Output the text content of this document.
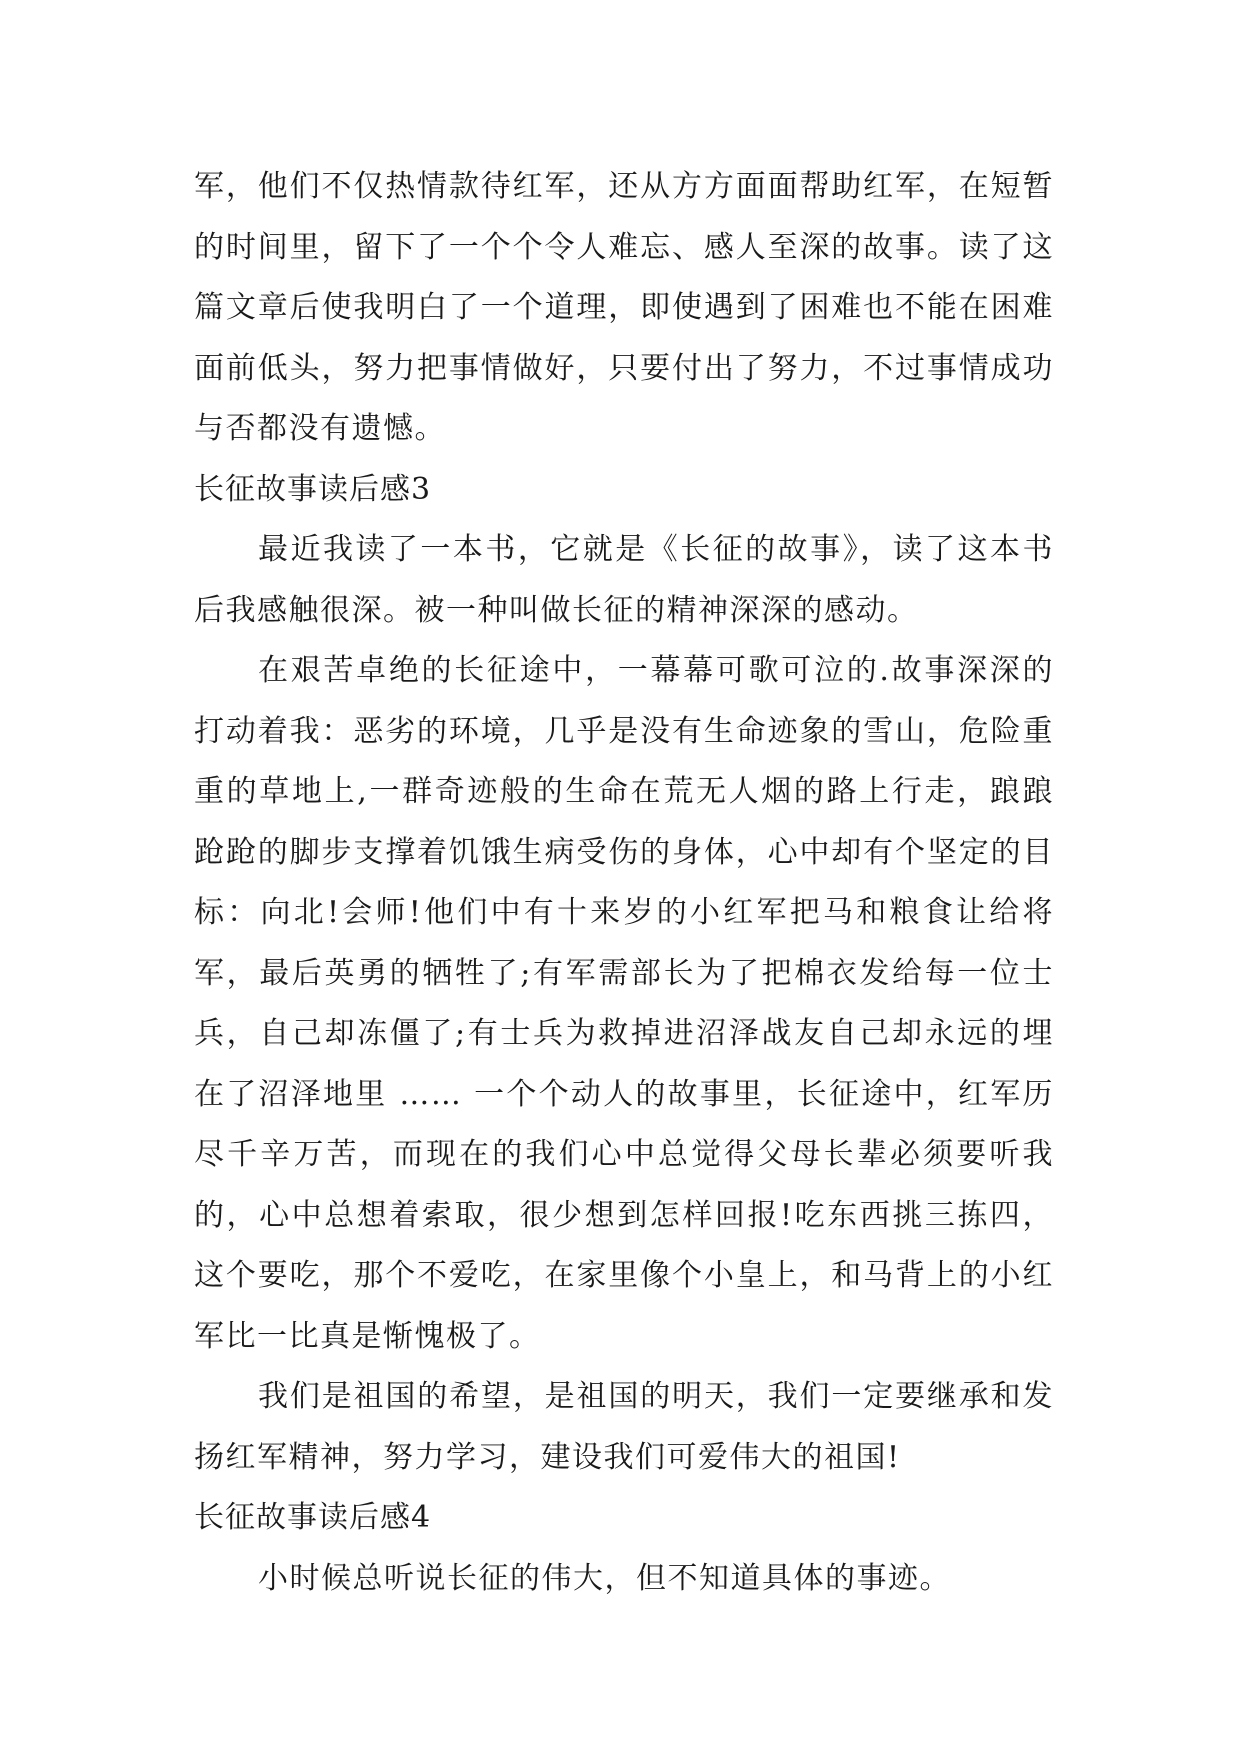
军，他们不仅热情款待红军，还从方方面面帮助红军，在短暂的时间里，留下了一个个令人难忘、感人至深的故事。读了这篇文章后使我明白了一个道理，即使遇到了困难也不能在困难面前低头，努力把事情做好，只要付出了努力，不过事情成功与否都没有遗憾。

长征故事读后感3

最近我读了一本书，它就是《长征的故事》，读了这本书后我感触很深。被一种叫做长征的精神深深的感动。

在艰苦卓绝的长征途中，一幕幕可歌可泣的.故事深深的打动着我：恶劣的环境，几乎是没有生命迹象的雪山，危险重重的草地上,一群奇迹般的生命在荒无人烟的路上行走，踉踉跄跄的脚步支撑着饥饿生病受伤的身体，心中却有个坚定的目标：向北!会师!他们中有十来岁的小红军把马和粮食让给将军，最后英勇的牺牲了;有军需部长为了把棉衣发给每一位士兵，自己却冻僵了;有士兵为救掉进沼泽战友自己却永远的埋在了沼泽地里 …… 一个个动人的故事里，长征途中，红军历尽千辛万苦，而现在的我们心中总觉得父母长辈必须要听我的，心中总想着索取，很少想到怎样回报!吃东西挑三拣四，这个要吃，那个不爱吃，在家里像个小皇上，和马背上的小红军比一比真是惭愧极了。

我们是祖国的希望，是祖国的明天，我们一定要继承和发扬红军精神，努力学习，建设我们可爱伟大的祖国!

长征故事读后感4

小时候总听说长征的伟大，但不知道具体的事迹。
